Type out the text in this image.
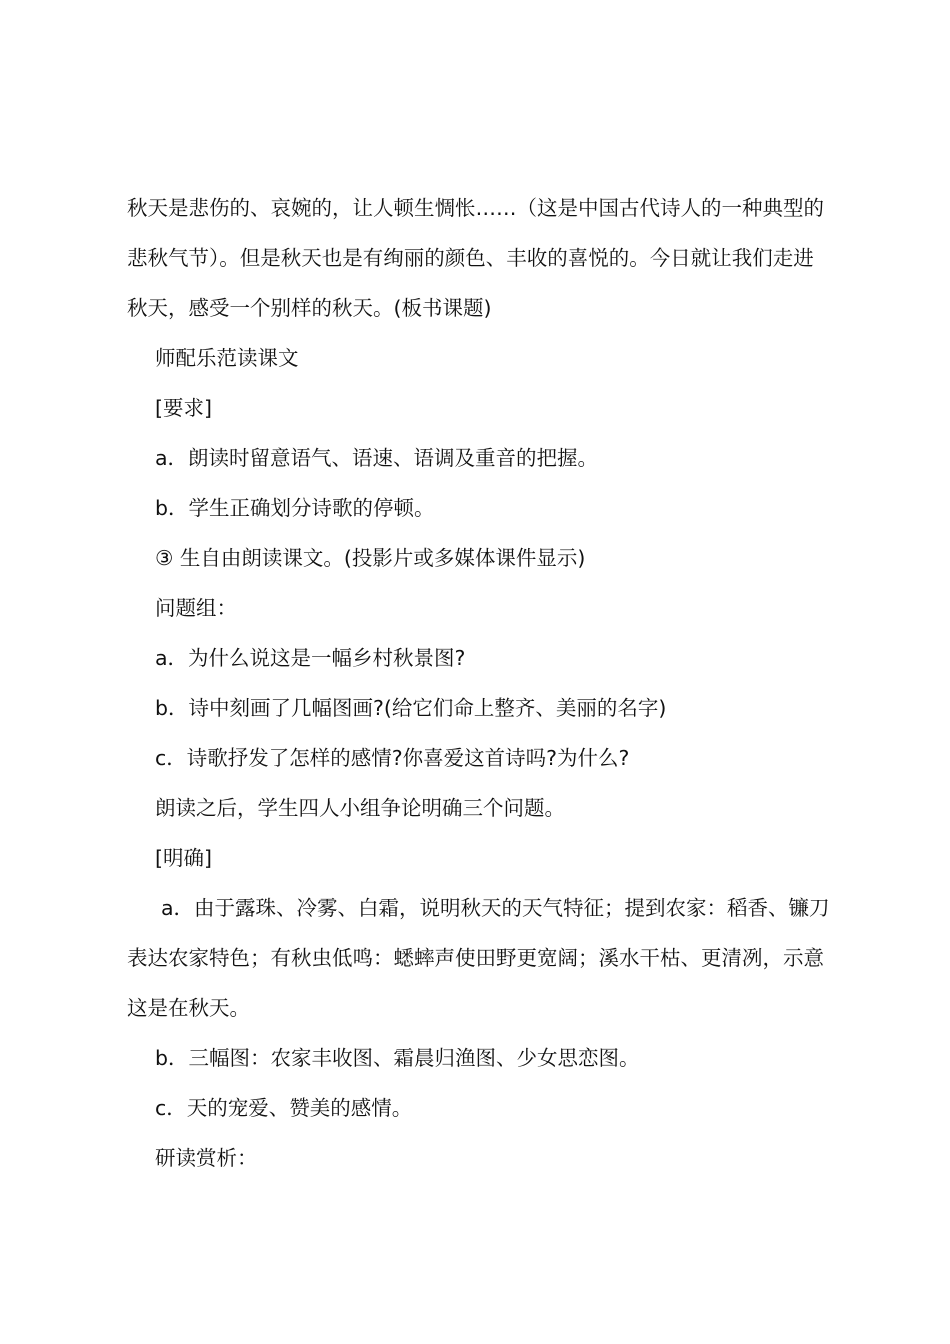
秋天是悲伤的、哀婉的，让人顿生惆怅……（这是中国古代诗人的一种典型的悲秋气节）。但是秋天也是有绚丽的颜色、丰收的喜悦的。今日就让我们走进秋天，感受一个别样的秋天。(板书课题)

师配乐范读课文

[要求]

a．朗读时留意语气、语速、语调及重音的把握。

b．学生正确划分诗歌的停顿。

③ 生自由朗读课文。(投影片或多媒体课件显示)

问题组：

a．为什么说这是一幅乡村秋景图?

b．诗中刻画了几幅图画?(给它们命上整齐、美丽的名字)

c．诗歌抒发了怎样的感情?你喜爱这首诗吗?为什么?

朗读之后，学生四人小组争论明确三个问题。

[明确]

a．由于露珠、冷雾、白霜，说明秋天的天气特征；提到农家：稻香、镰刀表达农家特色；有秋虫低鸣：蟋蟀声使田野更宽阔；溪水干枯、更清冽，示意这是在秋天。

b．三幅图：农家丰收图、霜晨归渔图、少女思恋图。

c．天的宠爱、赞美的感情。

研读赏析：
